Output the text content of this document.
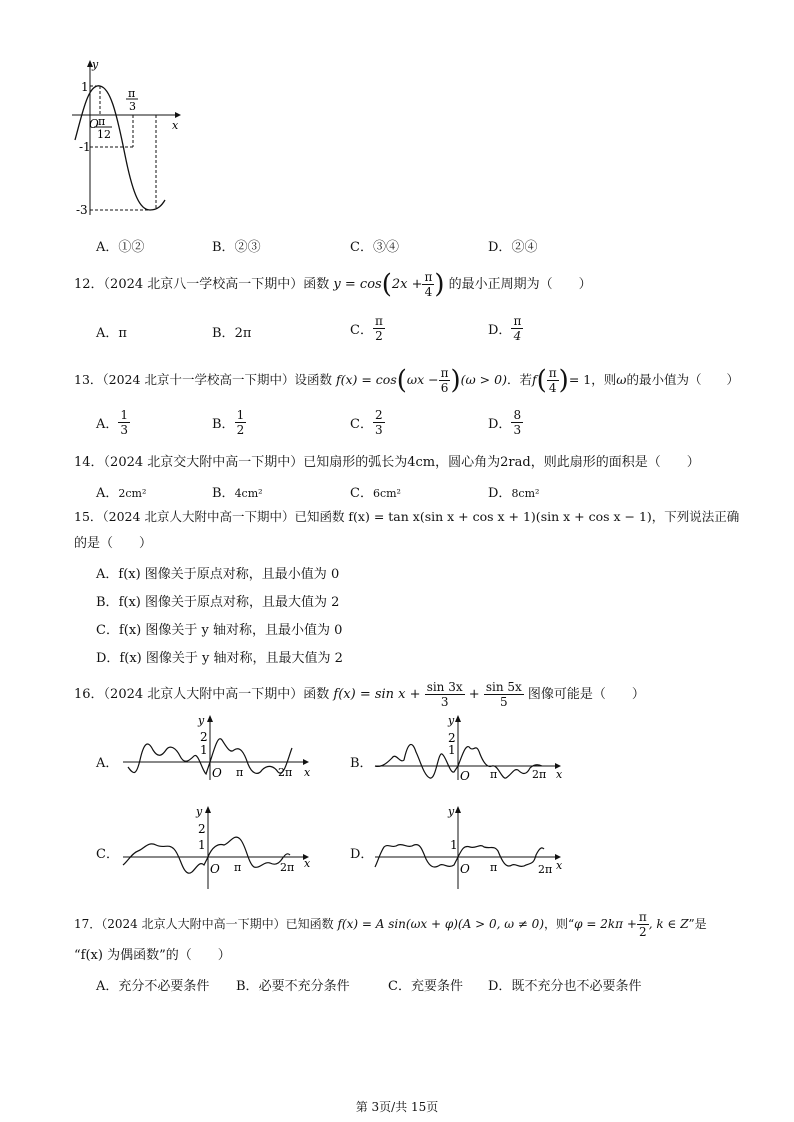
y
x
O
1
-1
-3
π
12
π
3
A．①②	B．②③	C．③④	D．②④
12．（2024 北京八一学校高一下期中）函数 $y = \cos(2x + \frac{\pi}{4}$ ) 的最小正周期为（　　）
A．π	B．2π	C． $\frac{\pi}{2}$	D． $\frac{\pi}{4}$
13．（2024 北京十一学校高一下期中）设函数 $f(x) = \cos(\omega x - \frac{\pi}{6} )(\omega > 0)$．若$f( \frac{\pi}{4}$ )= 1，则ω的最小值为（　　）
A． $\frac{1}{3}$	B． $\frac{1}{2}$	C． $\frac{2}{3}$	D． $\frac{8}{3}$
14．（2024 北京交大附中高一下期中）已知扇形的弧长为4cm，圆心角为2rad，则此扇形的面积是（　　）
A．2cm²	B．4cm²	C．6cm²	D．8cm²
15．（2024 北京人大附中高一下期中）已知函数 f(x) = tan x(sin x + cos x + 1)(sin x + cos x − 1)，下列说法正确
的是（　　）
A．f(x) 图像关于原点对称，且最小值为 0
B．f(x) 图像关于原点对称，且最大值为 2
C．f(x) 图像关于 y 轴对称，且最小值为 0
D．f(x) 图像关于 y 轴对称，且最大值为 2
16．（2024 北京人大附中高一下期中）函数 $f(x) = \sin x + \frac{\sin 3x}{3} + \frac{\sin 5x}{5}$ 图像可能是（　　）
A．
y
2
1
O π	2π x
B．
y
2
1
O π	2π x
C．
y
2
1
O π	2π x
D．
y
1
O π	2π x
17．（2024 北京人大附中高一下期中）已知函数 f(x) = A sin(ωx + φ)(A > 0, ω ≠ 0)，则“$\varphi = 2k\pi + \frac{\pi}{2}$ , k ∈ Z”是
“f(x) 为偶函数”的（　　）
A．充分不必要条件 B．必要不充分条件	C．充要条件 D．既不充分也不必要条件
第 3页/共 15页
